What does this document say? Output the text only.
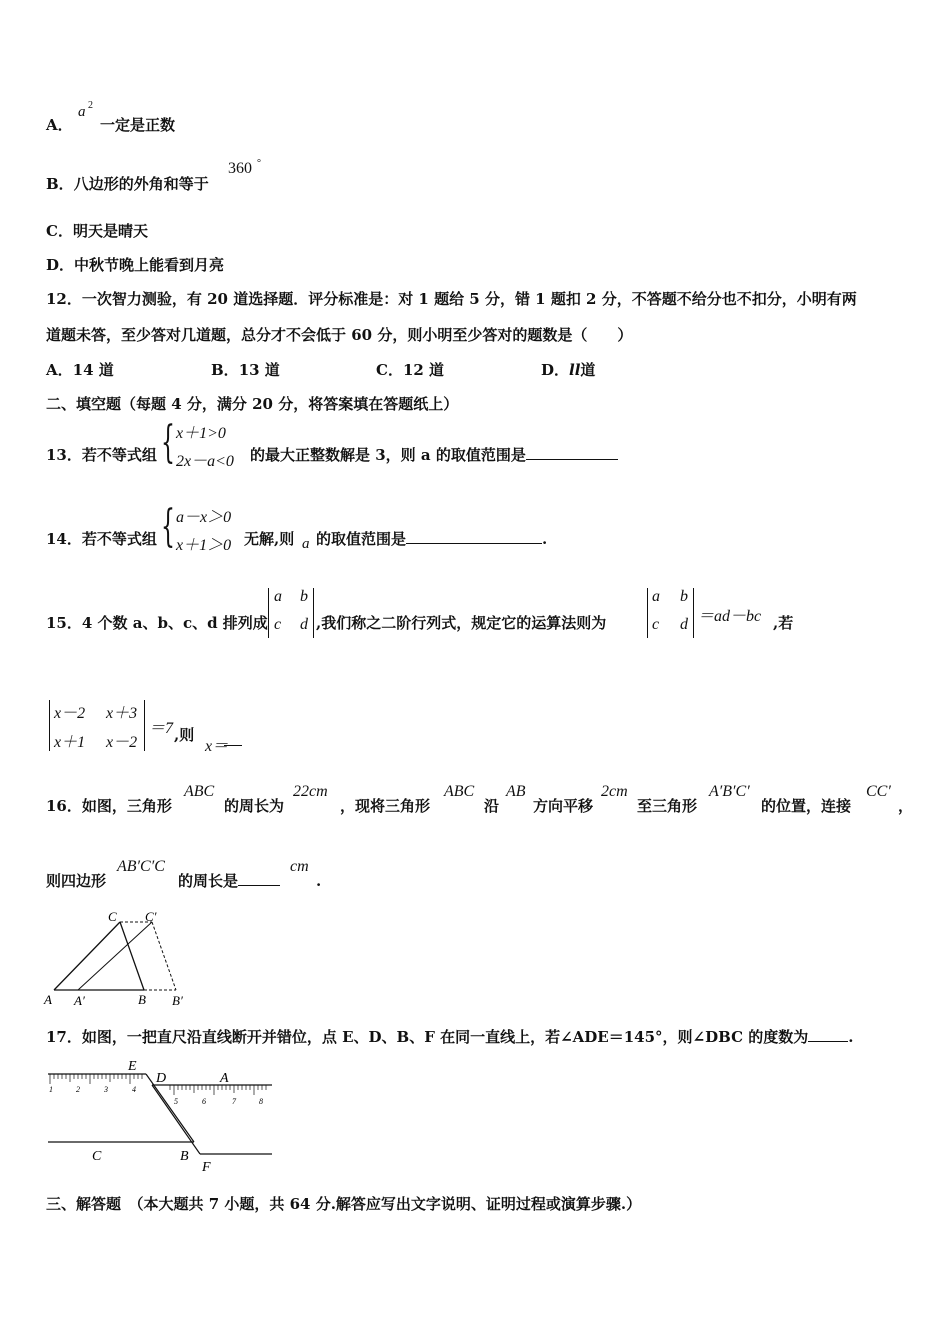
A．
a 2
一定是正数
B．八边形的外角和等于
360 °
C．明天是晴天
D．中秋节晚上能看到月亮
12．一次智力测验，有 20 道选择题．评分标准是：对 1 题给 5 分，错 1 题扣 2 分，不答题不给分也不扣分，小明有两
道题未答，至少答对几道题，总分才不会低于 60 分，则小明至少答对的题数是（　　）
A．14 道	B．13 道	C．12 道	D．ll道
二、填空题（每题 4 分，满分 20 分，将答案填在答题纸上）
13．若不等式组 { x＋1>0
2x－a<0 的最大正整数解是 3，则 a 的取值范围是
14．若不等式组 { a－x＞0
x＋1＞0 无解,则 a 的取值范围是	.
15．4 个数 a、b、c、d 排列成
a b
c d ,我们称之二阶行列式，规定它的运算法则为
a b
c d ＝ad－bc ,若
x－2 x＋3
x＋1 x－2
＝7 ,则
x＝
16．如图，三角形
ABC
的周长为
22cm
，现将三角形
ABC
沿
AB
方向平移
2cm
至三角形
A′B′C′
的位置，连接
CC′
，
则四边形
AB′C′C
的周长是
cm
.
C C′
A A′	B B′
17．如图，一把直尺沿直线断开并错位，点 E、D、B、F 在同一直线上，若∠ADE＝145°，则∠DBC 的度数为	.
1	2	3	4
5	6	7	8
E
D	A
C	B
F
三、解答题　（本大题共 7 小题，共 64 分.解答应写出文字说明、证明过程或演算步骤.）
